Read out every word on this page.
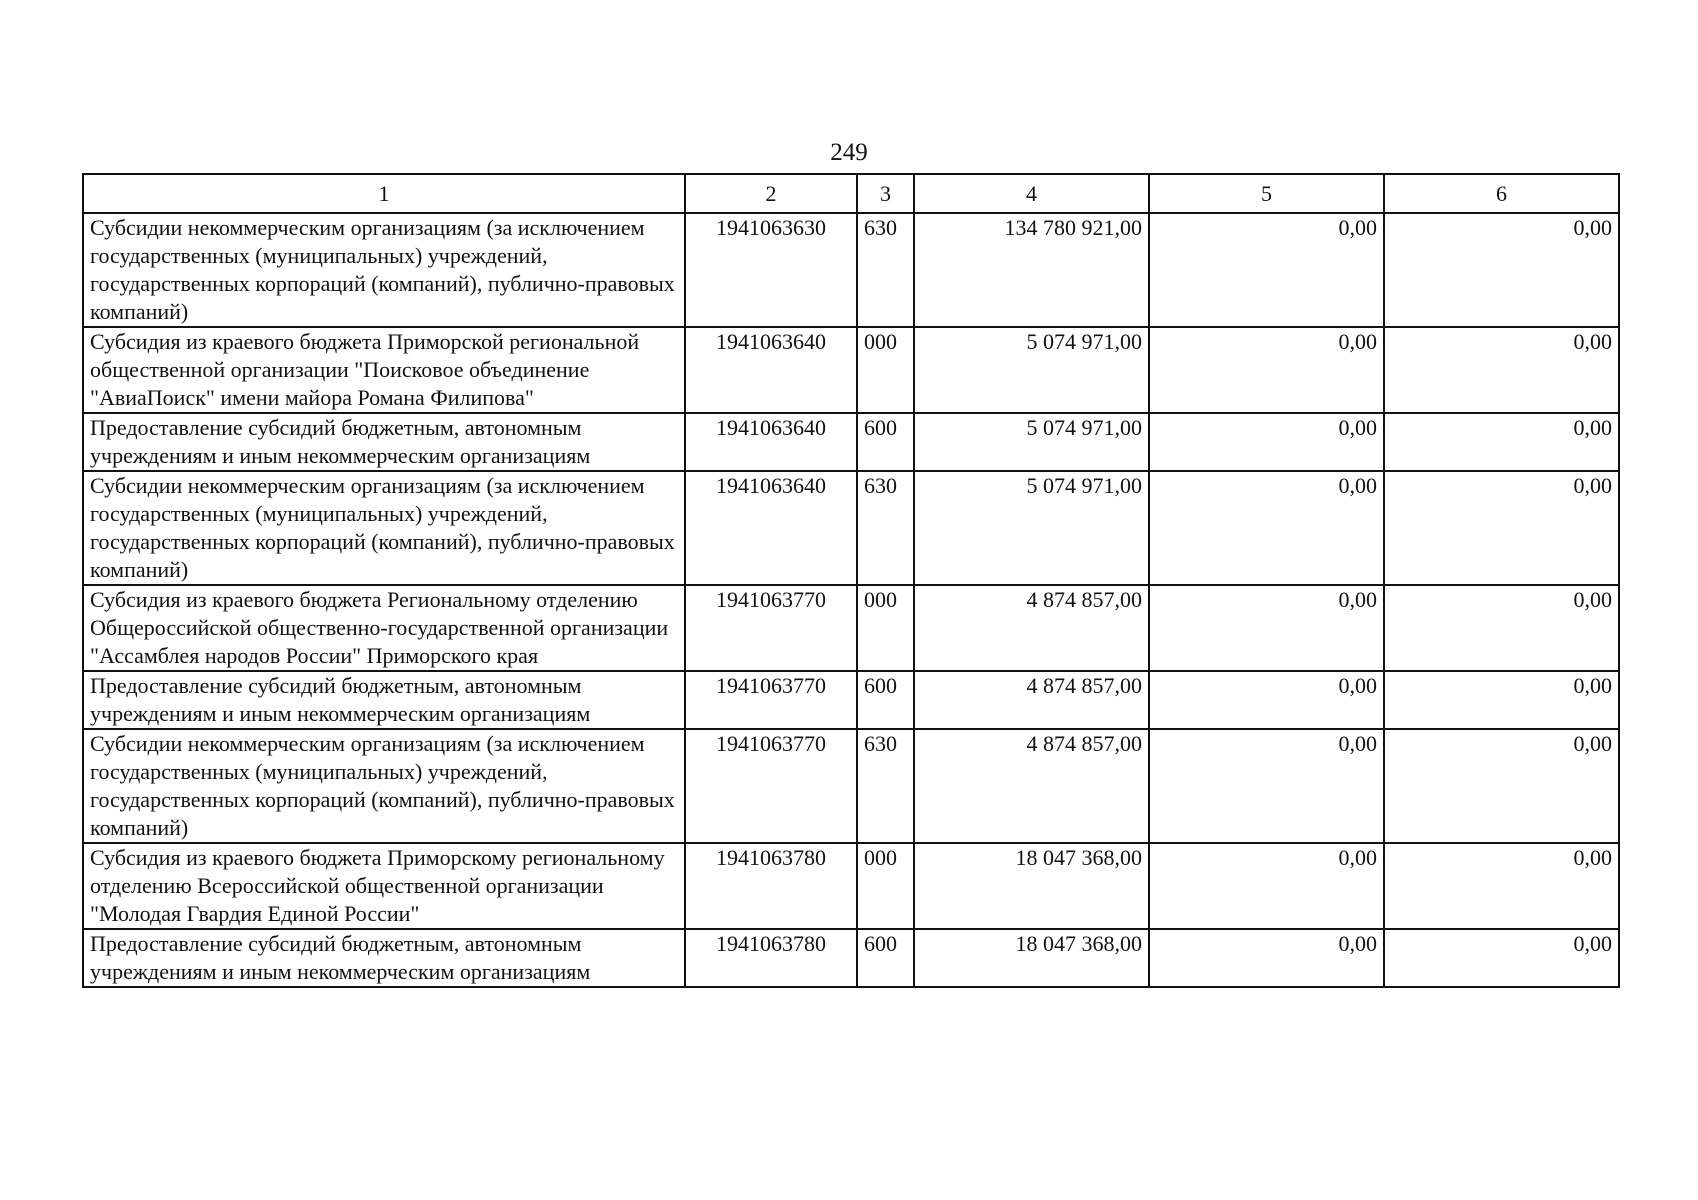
249
1	2	3	4	5	6
Субсидии некоммерческим организациям (за исключением государственных (муниципальных) учреждений, государственных корпораций (компаний), публично-правовых компаний)	1941063630	630	134 780 921,00	0,00	0,00
Субсидия из краевого бюджета Приморской региональной общественной организации "Поисковое объединение "АвиаПоиск" имени майора Романа Филипова"	1941063640	000	5 074 971,00	0,00	0,00
Предоставление субсидий бюджетным, автономным учреждениям и иным некоммерческим организациям	1941063640	600	5 074 971,00	0,00	0,00
Субсидии некоммерческим организациям (за исключением государственных (муниципальных) учреждений, государственных корпораций (компаний), публично-правовых компаний)	1941063640	630	5 074 971,00	0,00	0,00
Субсидия из краевого бюджета Региональному отделению Общероссийской общественно-государственной организации "Ассамблея народов России" Приморского края	1941063770	000	4 874 857,00	0,00	0,00
Предоставление субсидий бюджетным, автономным учреждениям и иным некоммерческим организациям	1941063770	600	4 874 857,00	0,00	0,00
Субсидии некоммерческим организациям (за исключением государственных (муниципальных) учреждений, государственных корпораций (компаний), публично-правовых компаний)	1941063770	630	4 874 857,00	0,00	0,00
Субсидия из краевого бюджета Приморскому региональному отделению Всероссийской общественной организации "Молодая Гвардия Единой России"	1941063780	000	18 047 368,00	0,00	0,00
Предоставление субсидий бюджетным, автономным учреждениям и иным некоммерческим организациям	1941063780	600	18 047 368,00	0,00	0,00
